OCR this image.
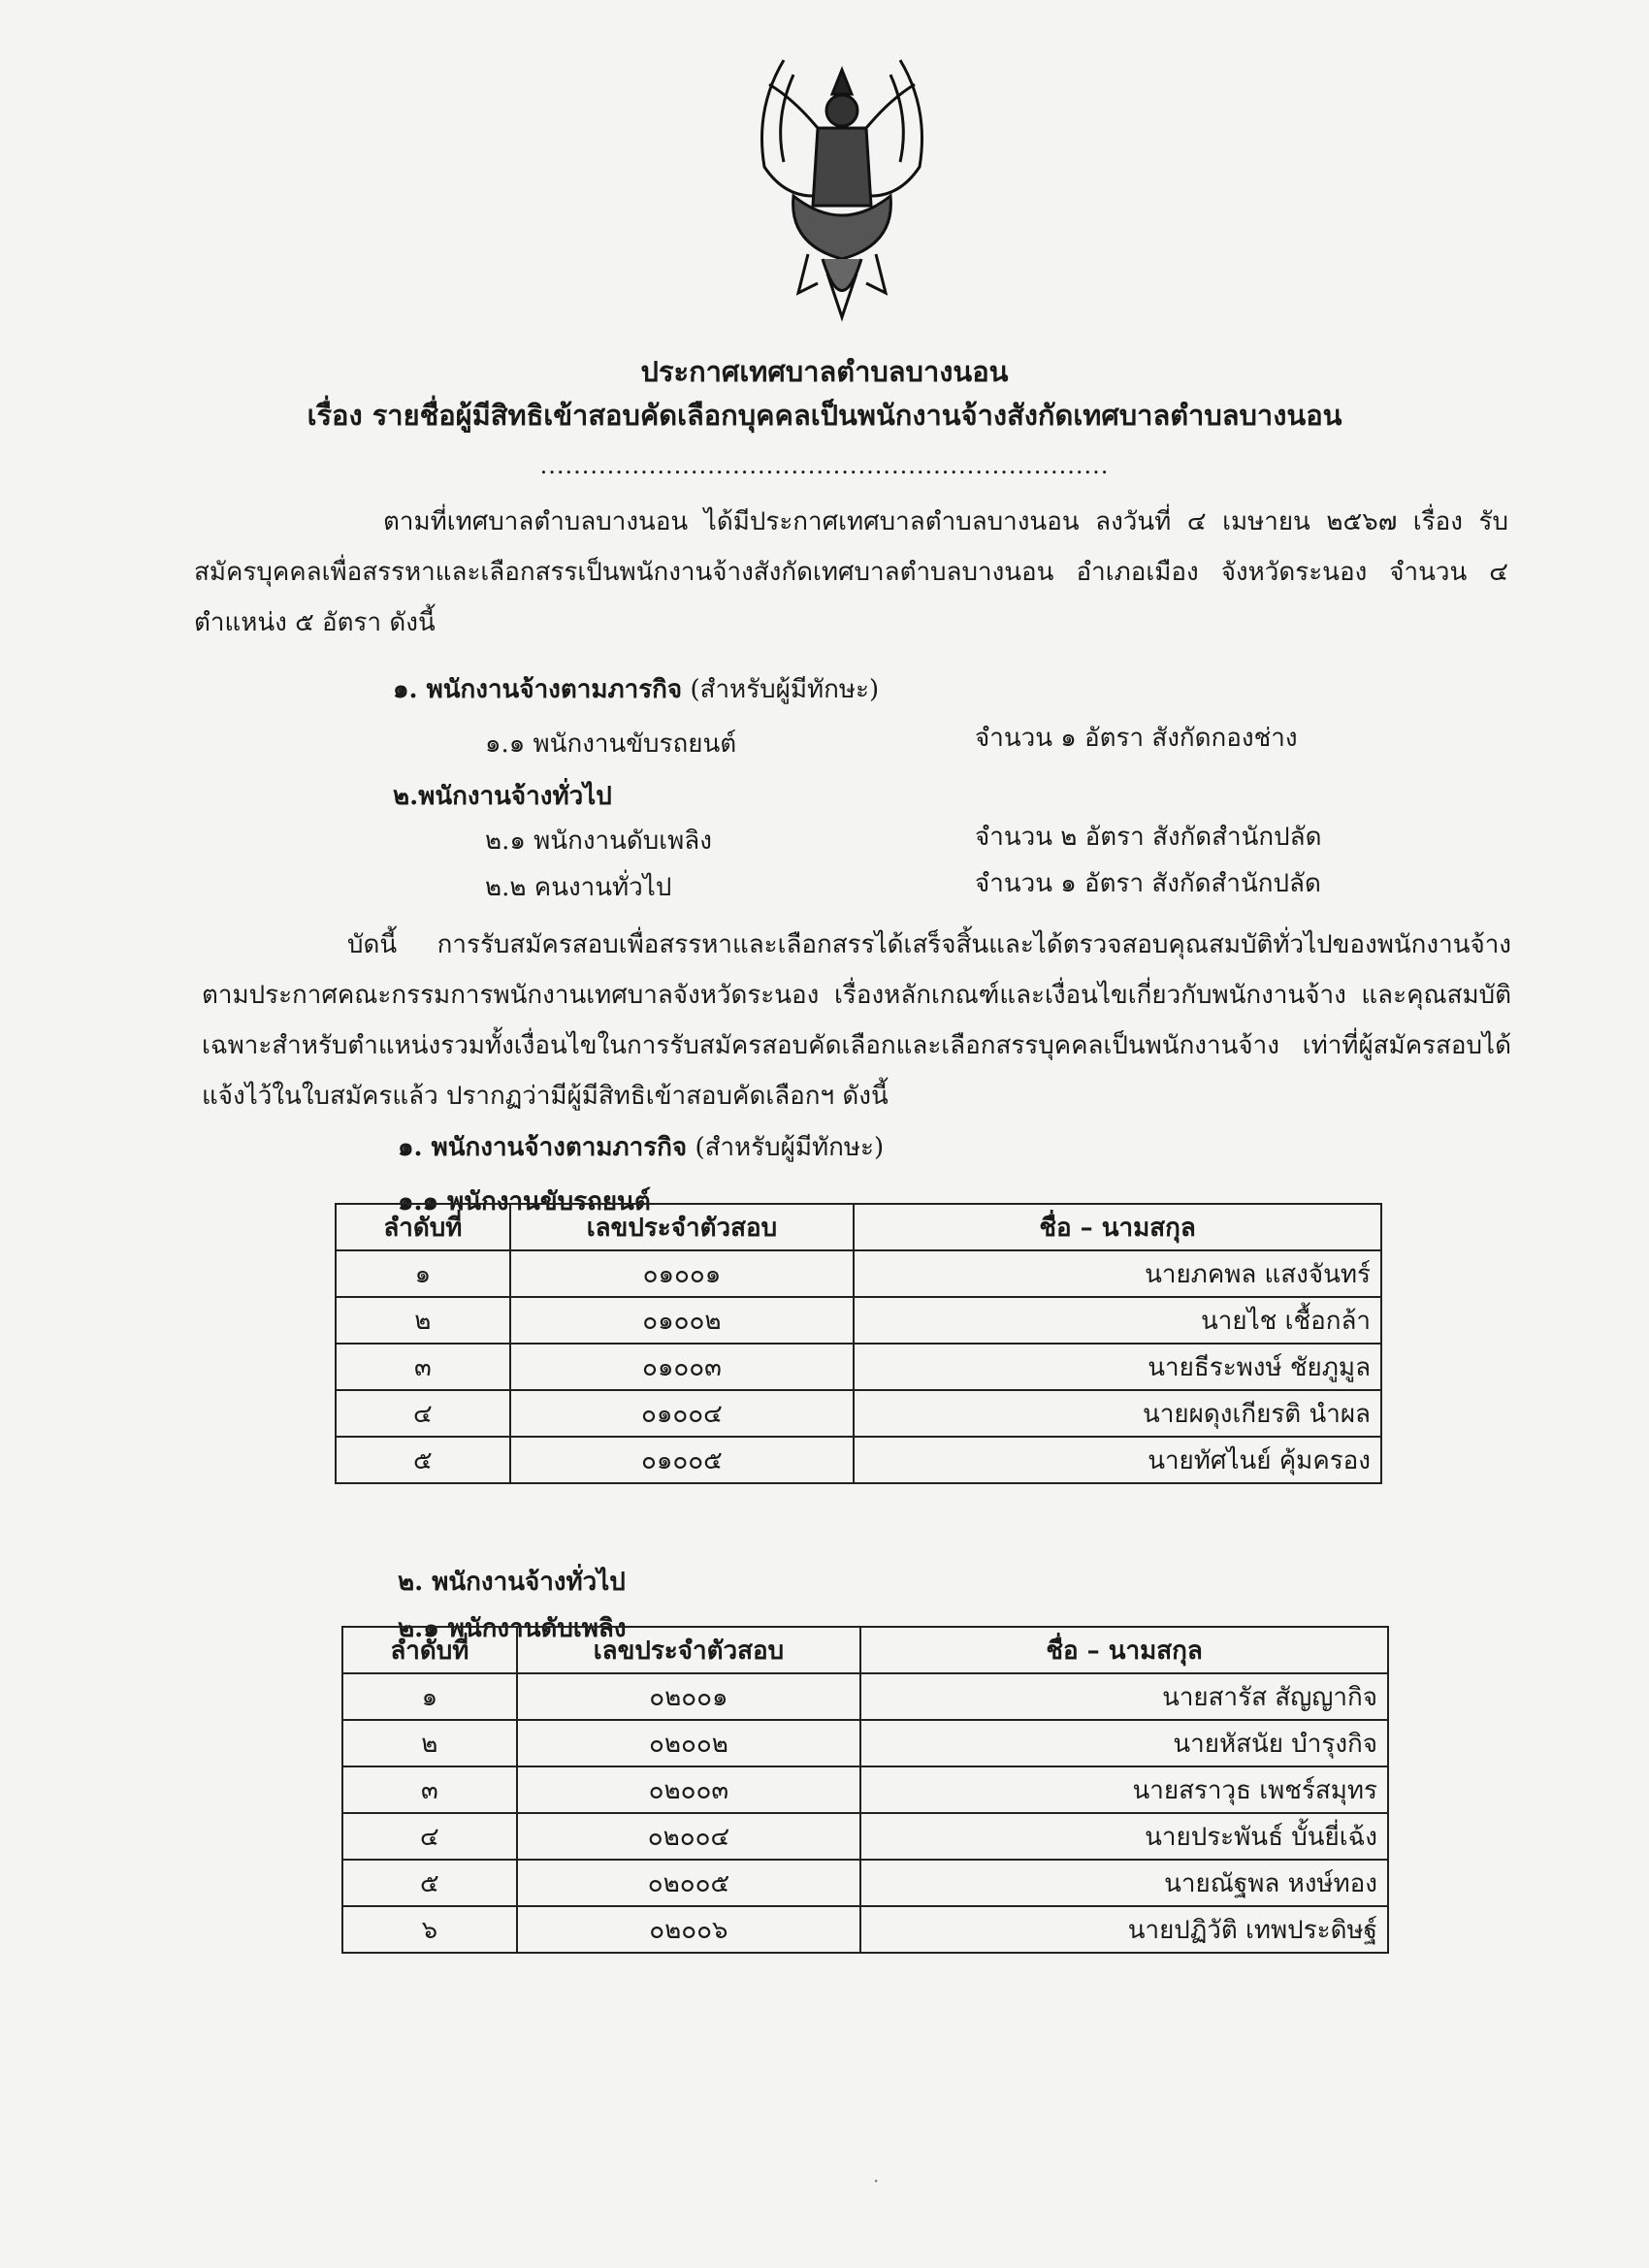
ประกาศเทศบาลตำบลบางนอน
เรื่อง รายชื่อผู้มีสิทธิเข้าสอบคัดเลือกบุคคลเป็นพนักงานจ้างสังกัดเทศบาลตำบลบางนอน
....................................................................
ตามที่เทศบาลตำบลบางนอน ได้มีประกาศเทศบาลตำบลบางนอน ลงวันที่ ๔ เมษายน ๒๕๖๗ เรื่อง รับสมัครบุคคลเพื่อสรรหาและเลือกสรรเป็นพนักงานจ้างสังกัดเทศบาลตำบลบางนอน อำเภอเมือง จังหวัดระนอง จำนวน ๔ ตำแหน่ง ๕ อัตรา ดังนี้
๑. พนักงานจ้างตามภารกิจ (สำหรับผู้มีทักษะ)
๑.๑ พนักงานขับรถยนต์	จำนวน ๑ อัตรา สังกัดกองช่าง
๒.พนักงานจ้างทั่วไป
๒.๑ พนักงานดับเพลิง	จำนวน ๒ อัตรา สังกัดสำนักปลัด
๒.๒ คนงานทั่วไป	จำนวน ๑ อัตรา สังกัดสำนักปลัด
บัดนี้ การรับสมัครสอบเพื่อสรรหาและเลือกสรรได้เสร็จสิ้นและได้ตรวจสอบคุณสมบัติทั่วไปของพนักงานจ้างตามประกาศคณะกรรมการพนักงานเทศบาลจังหวัดระนอง เรื่องหลักเกณฑ์และเงื่อนไขเกี่ยวกับพนักงานจ้าง และคุณสมบัติเฉพาะสำหรับตำแหน่งรวมทั้งเงื่อนไขในการรับสมัครสอบคัดเลือกและเลือกสรรบุคคลเป็นพนักงานจ้าง เท่าที่ผู้สมัครสอบได้แจ้งไว้ในใบสมัครแล้ว ปรากฏว่ามีผู้มีสิทธิเข้าสอบคัดเลือกฯ ดังนี้
๑. พนักงานจ้างตามภารกิจ (สำหรับผู้มีทักษะ)
๑.๑ พนักงานขับรถยนต์
ลำดับที่	เลขประจำตัวสอบ	ชื่อ – นามสกุล
๑	๐๑๐๐๑	นายภคพล แสงจันทร์
๒	๐๑๐๐๒	นายไช เชื้อกล้า
๓	๐๑๐๐๓	นายธีระพงษ์ ชัยภูมูล
๔	๐๑๐๐๔	นายผดุงเกียรติ นำผล
๕	๐๑๐๐๕	นายทัศไนย์ คุ้มครอง
๒. พนักงานจ้างทั่วไป
๒.๑ พนักงานดับเพลิง
ลำดับที่	เลขประจำตัวสอบ	ชื่อ – นามสกุล
๑	๐๒๐๐๑	นายสารัส สัญญากิจ
๒	๐๒๐๐๒	นายหัสนัย บำรุงกิจ
๓	๐๒๐๐๓	นายสราวุธ เพชร์สมุทร
๔	๐๒๐๐๔	นายประพันธ์ บั้นยี่เฉ้ง
๕	๐๒๐๐๕	นายณัฐพล หงษ์ทอง
๖	๐๒๐๐๖	นายปฏิวัติ เทพประดิษฐ์
·
